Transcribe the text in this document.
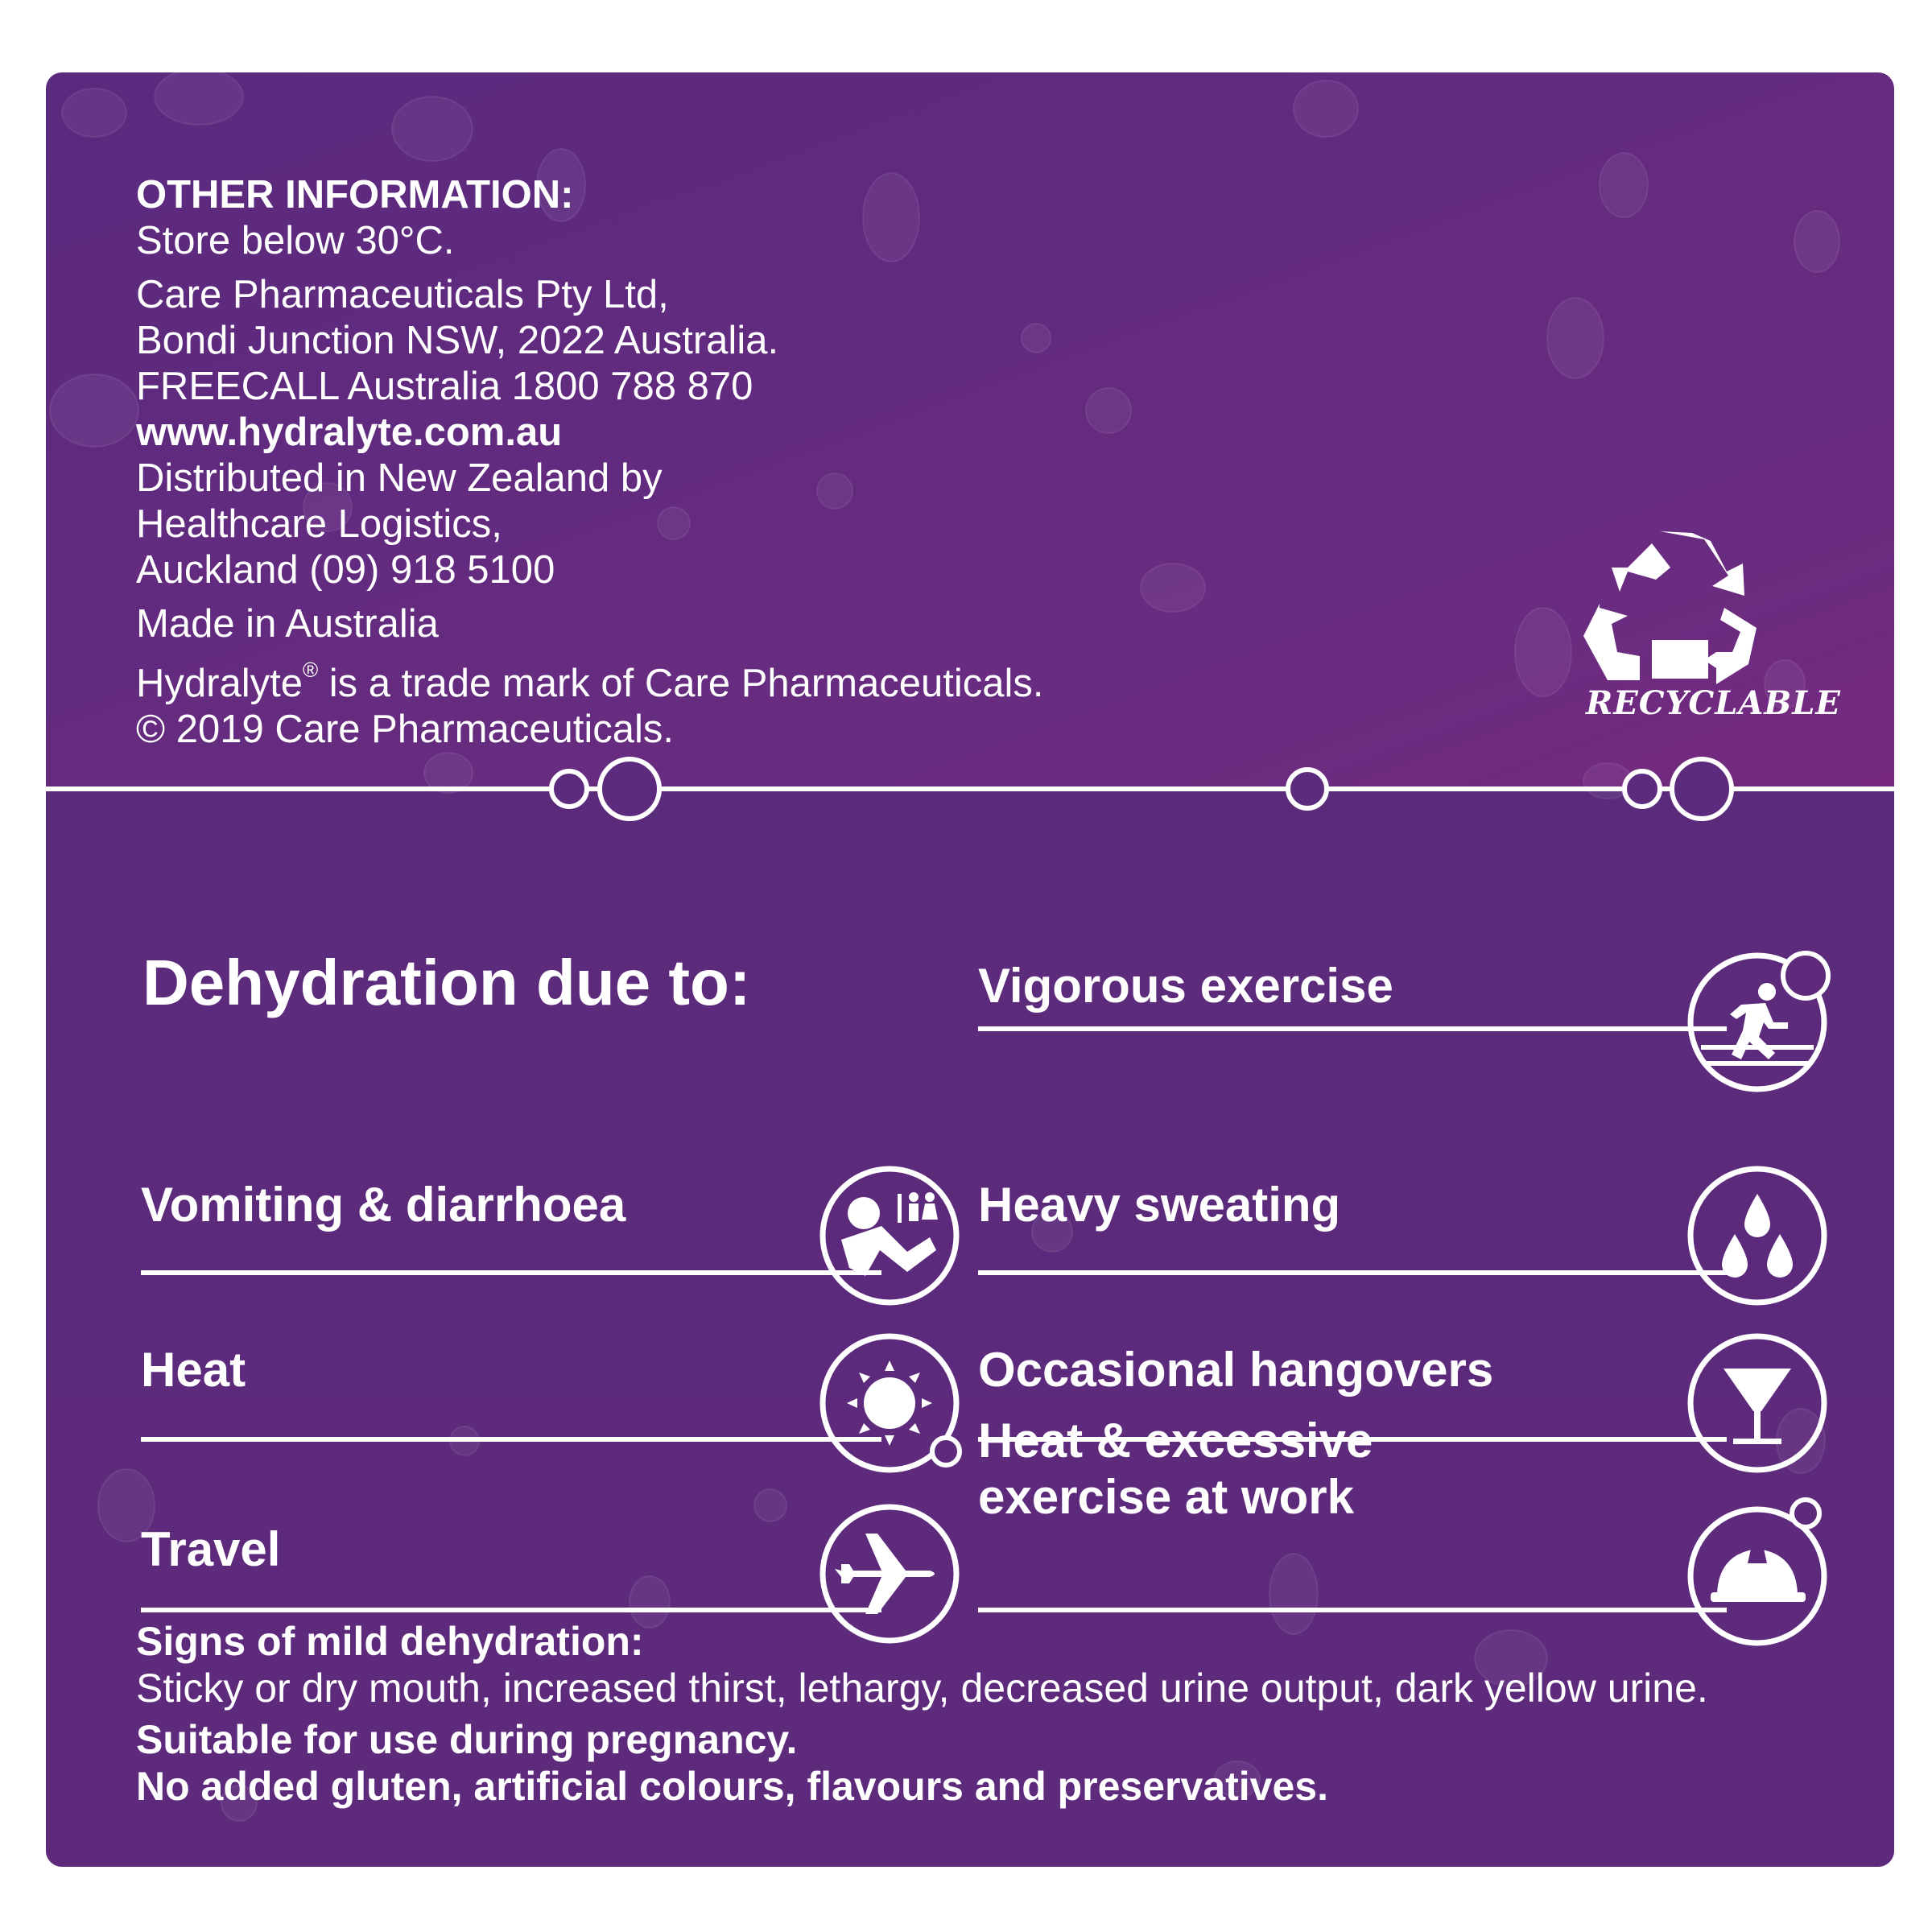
RECYCLABLE

OTHER INFORMATION:

Store below 30°C.

Care Pharmaceuticals Pty Ltd,

Bondi Junction NSW, 2022 Australia.

FREECALL Australia 1800 788 870

www.hydralyte.com.au

Distributed in New Zealand by

Healthcare Logistics,

Auckland (09) 918 5100

Made in Australia

Hydralyte® is a trade mark of Care Pharmaceuticals.

© 2019 Care Pharmaceuticals.

Dehydration due to:
Vomiting & diarrhoea
Heat
Travel
Vigorous exercise
Heavy sweating
Occasional hangovers
Heat & excessive
exercise at work

Signs of mild dehydration:

Sticky or dry mouth, increased thirst, lethargy, decreased urine output, dark yellow urine.

Suitable for use during pregnancy.

No added gluten, artificial colours, flavours and preservatives.
